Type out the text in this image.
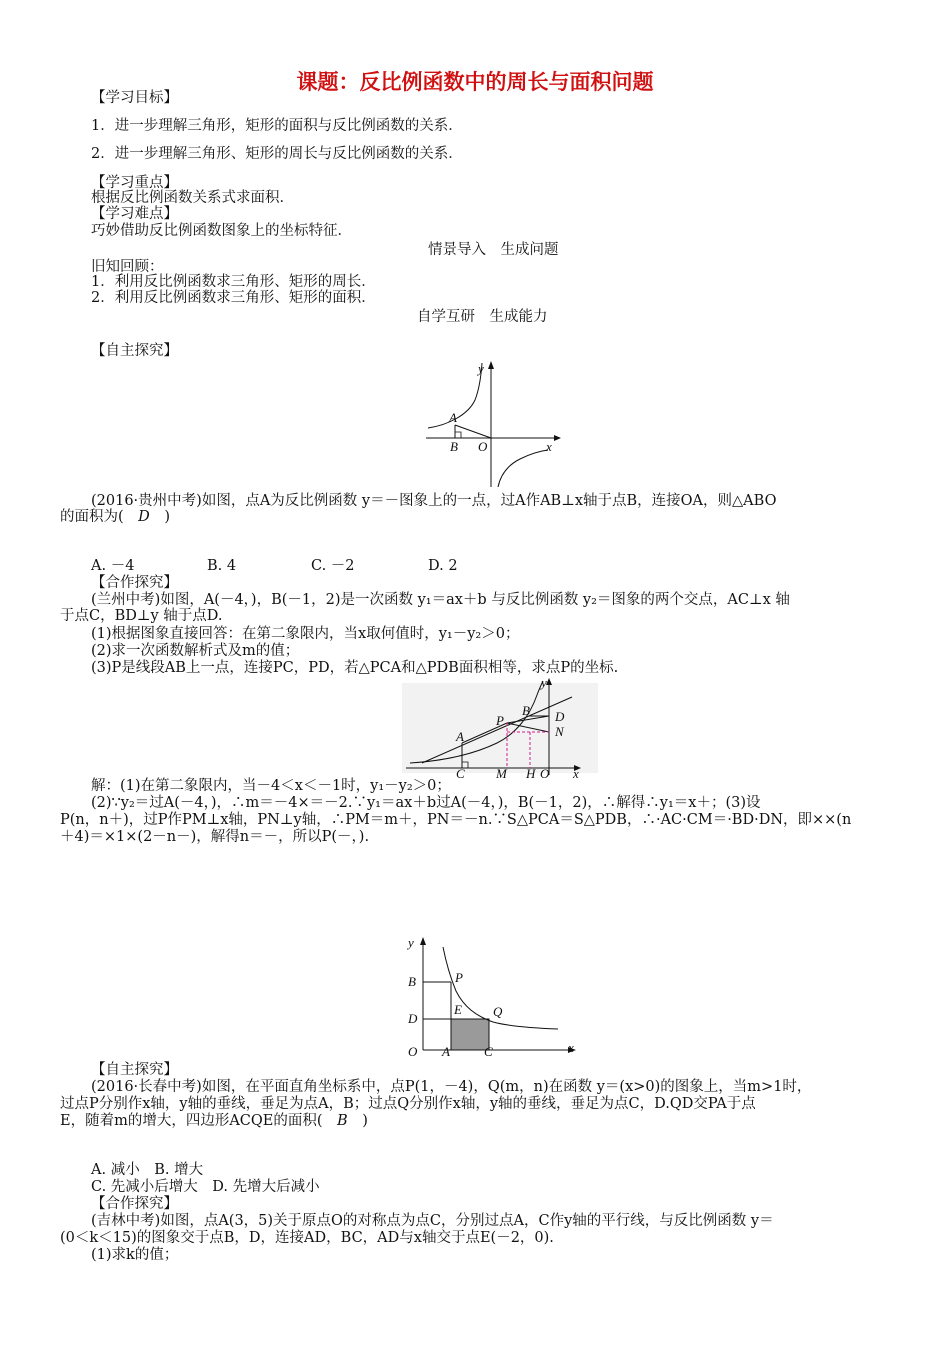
课题：反比例函数中的周长与面积问题
【学习目标】
1．进一步理解三角形，矩形的面积与反比例函数的关系．
2．进一步理解三角形、矩形的周长与反比例函数的关系．
【学习重点】
根据反比例函数关系式求面积．
【学习难点】
巧妙借助反比例函数图象上的坐标特征．
情景导入　生成问题
旧知回顾：
1．利用反比例函数求三角形、矩形的周长．
2．利用反比例函数求三角形、矩形的面积．
自学互研　生成能力
【自主探究】
y
A
B O	x
(2016·贵州中考)如图，点A为反比例函数 y＝－图象上的一点，过A作AB⊥x轴于点B，连接OA，则△ABO
的面积为(　 D　 )
A. －4	B. 4	C. －2	D. 2
【合作探究】
(兰州中考)如图，A(－4，)，B(－1，2)是一次函数 y₁＝ax＋b 与反比例函数 y₂＝图象的两个交点，AC⊥x 轴
于点C，BD⊥y 轴于点D.
(1)根据图象直接回答：在第二象限内，当x取何值时，y₁－y₂＞0；
(2)求一次函数解析式及m的值；
(3)P是线段AB上一点，连接PC，PD，若△PCA和△PDB面积相等，求点P的坐标.
y
A
B
P	D
N
C M H O x
解：(1)在第二象限内，当－4＜x＜－1时，y₁－y₂＞0；
(2)∵y₂＝过A(－4，)，∴m＝－4×＝－2.∵y₁＝ax＋b过A(－4，)，B(－1，2)，∴解得∴y₁＝x＋；(3)设
P(n，n＋)，过P作PM⊥x轴，PN⊥y轴，∴PM＝m＋，PN＝－n.∵S△PCA＝S△PDB，∴·AC·CM＝·BD·DN，即××(n
＋4)＝×1×(2－n－)，解得n＝－，所以P(－，).
y
B	P
E Q
D
O A	C	x
【自主探究】
(2016·长春中考)如图，在平面直角坐标系中，点P(1，－4)，Q(m，n)在函数 y＝(x>0)的图象上，当m>1时，
过点P分别作x轴，y轴的垂线，垂足为点A，B；过点Q分别作x轴，y轴的垂线，垂足为点C，D.QD交PA于点
E，随着m的增大，四边形ACQE的面积(　 B　 )
A. 减小　B. 增大
C. 先减小后增大　D. 先增大后减小
【合作探究】
(吉林中考)如图，点A(3，5)关于原点O的对称点为点C，分别过点A，C作y轴的平行线，与反比例函数 y＝
(0＜k＜15)的图象交于点B，D，连接AD，BC，AD与x轴交于点E(－2，0).
(1)求k的值；
